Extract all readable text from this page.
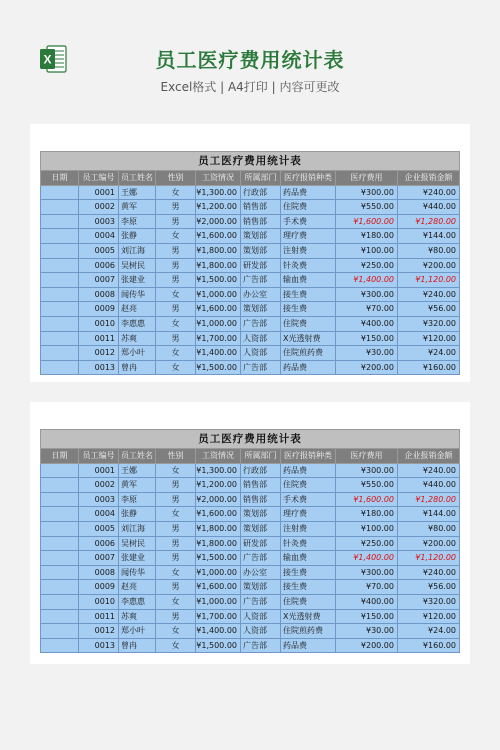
X	员工医疗费用统计表
Excel格式 | A4打印 | 内容可更改
员工医疗费用统计表								
日期	员工编号	员工姓名	性别	工资情况	所属部门	医疗报销种类	医疗费用	企业报销金额
	0001	王娜	女	¥1,300.00	行政部	药品费	¥300.00	¥240.00
	0002	黄军	男	¥1,200.00	销售部	住院费	¥550.00	¥440.00
	0003	李原	男	¥2,000.00	销售部	手术费	¥1,600.00	¥1,280.00
	0004	张静	女	¥1,600.00	策划部	理疗费	¥180.00	¥144.00
	0005	刘江海	男	¥1,800.00	策划部	注射费	¥100.00	¥80.00
	0006	吴树民	男	¥1,800.00	研发部	针灸费	¥250.00	¥200.00
	0007	张建业	男	¥1,500.00	广告部	输血费	¥1,400.00	¥1,120.00
	0008	闻传华	女	¥1,000.00	办公室	接生费	¥300.00	¥240.00
	0009	赵亮	男	¥1,600.00	策划部	接生费	¥70.00	¥56.00
	0010	李惠惠	女	¥1,000.00	广告部	住院费	¥400.00	¥320.00
	0011	苏爽	男	¥1,700.00	人资部	X光透射费	¥150.00	¥120.00
	0012	郑小叶	女	¥1,400.00	人资部	住院煎药费	¥30.00	¥24.00
	0013	曾冉	女	¥1,500.00	广告部	药品费	¥200.00	¥160.00
员工医疗费用统计表								
日期	员工编号	员工姓名	性别	工资情况	所属部门	医疗报销种类	医疗费用	企业报销金额
	0001	王娜	女	¥1,300.00	行政部	药品费	¥300.00	¥240.00
	0002	黄军	男	¥1,200.00	销售部	住院费	¥550.00	¥440.00
	0003	李原	男	¥2,000.00	销售部	手术费	¥1,600.00	¥1,280.00
	0004	张静	女	¥1,600.00	策划部	理疗费	¥180.00	¥144.00
	0005	刘江海	男	¥1,800.00	策划部	注射费	¥100.00	¥80.00
	0006	吴树民	男	¥1,800.00	研发部	针灸费	¥250.00	¥200.00
	0007	张建业	男	¥1,500.00	广告部	输血费	¥1,400.00	¥1,120.00
	0008	闻传华	女	¥1,000.00	办公室	接生费	¥300.00	¥240.00
	0009	赵亮	男	¥1,600.00	策划部	接生费	¥70.00	¥56.00
	0010	李惠惠	女	¥1,000.00	广告部	住院费	¥400.00	¥320.00
	0011	苏爽	男	¥1,700.00	人资部	X光透射费	¥150.00	¥120.00
	0012	郑小叶	女	¥1,400.00	人资部	住院煎药费	¥30.00	¥24.00
	0013	曾冉	女	¥1,500.00	广告部	药品费	¥200.00	¥160.00
